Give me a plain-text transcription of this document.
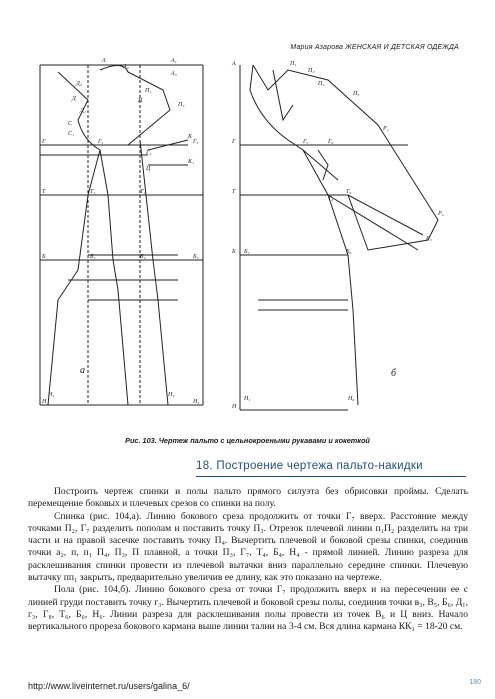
Мария Азарова ЖЕНСКАЯ И ДЕТСКАЯ ОДЕЖДА
А	А₁
А₂
А₃
Д₂
Д
Д₁
С
С₁
П
П₁
П₂
Г	Г₁
Г₂
Г₃
Т	Т₁	Т₂
Б	Б₁	Б₂	Б₃
Н
Н₁	Н₂
Н₃
К
К₁
Ц
А
Г
Т
Б
Н
Н₁	Н₆
Б₁	Б₆
Т₆
Т₈
Г₆
Г₇
П₁
П₂
П₃
П₄
Р₁
Р₂
Р₃
а	б
Рис. 103. Чертеж пальто с цельнокроеными рукавами и кокеткой
18. Построение чертежа пальто-накидки

Построить чертеж спинки и полы пальто прямого силуэта без обрисовки проймы. Сделать перемещение боковых и плечевых срезов со спинки на полу.

Спинка (рис. 104,а). Линию бокового среза продолжить от точки Г₇ вверх. Расстояние между точками П₂, Г₇ разделить пополам и поставить точку П₃. Отрезок плечевой линии п₁П₂ разделить на три части и на правой засечке поставить точку П₄. Вычертить плечевой и боковой срезы спинки, соединив точки а₂, п, п₁ П₄, П₃, П плавной, а точки П₃, Г₇, Т₄, Б₄, Н₄ - прямой линией. Линию разреза для расклешивания спинки провести из плечевой вытачки вниз параллельно середине спинки. Плечевую вытачку пп₁ закрыть, предварительно увеличив ее длину, как это показано на чертеже.

Пола (рис. 104,б). Линию бокового среза от точки Г₇ продолжить вверх и на пересечении ее с линией груди поставить точку г₃. Вычертить плечевой и боковой срезы полы, соединив точки в₃, В₅, Б₆, Д₁, г₃, Г₈, Т₆, Б₆, Н₆. Линии разреза для расклешивания полы провести из точек В₆ и Ц вниз. Начало вертикального прореза бокового кармана выше линии талии на 3-4 см. Вся длина кармана КК₁ = 18-20 см.

http://www.liveinternet.ru/users/galina_6/	180
